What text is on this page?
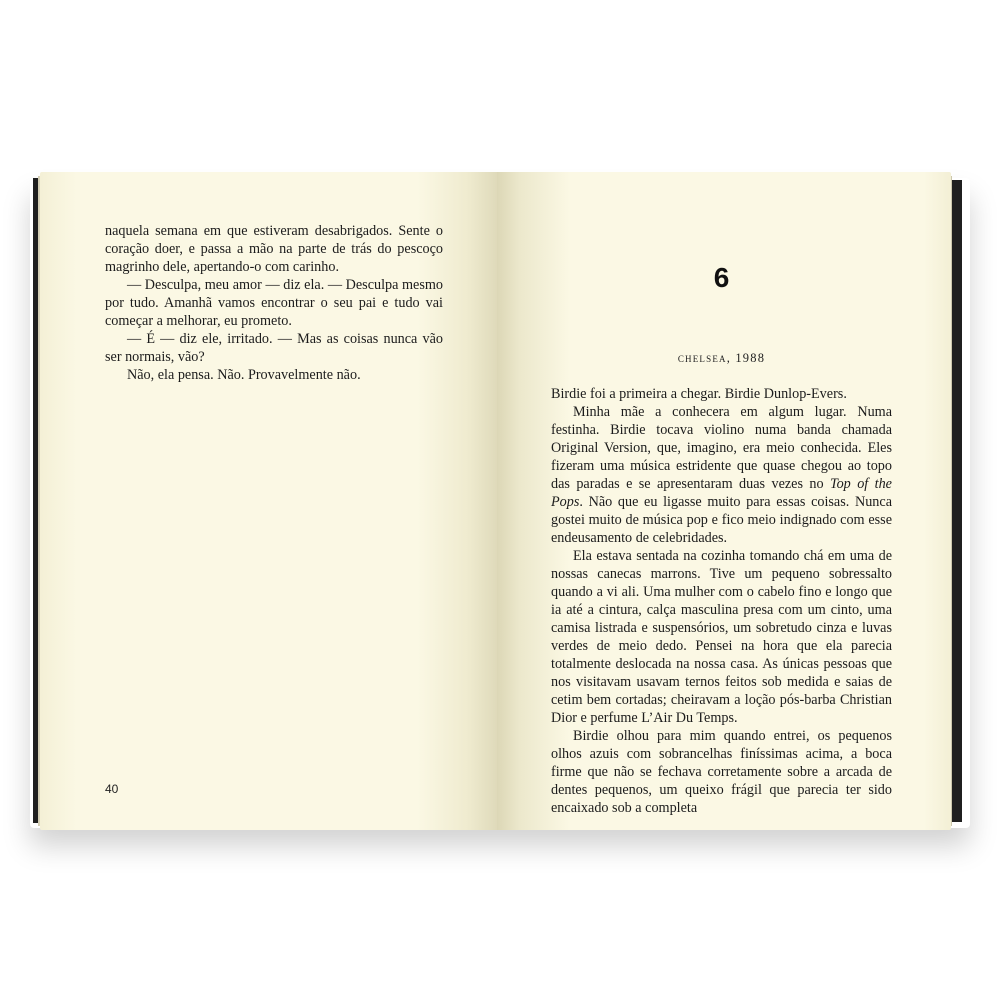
naquela semana em que estiveram desabrigados. Sente o coração doer, e passa a mão na parte de trás do pescoço magrinho dele, apertando-o com carinho.

— Desculpa, meu amor — diz ela. — Desculpa mesmo por tudo. Amanhã vamos encontrar o seu pai e tudo vai começar a melhorar, eu prometo.

— É — diz ele, irritado. — Mas as coisas nunca vão ser normais, vão?

Não, ela pensa. Não. Provavelmente não.

40
6
chelsea, 1988

Birdie foi a primeira a chegar. Birdie Dunlop-Evers.

Minha mãe a conhecera em algum lugar. Numa festinha. Birdie tocava violino numa banda chamada Original Version, que, imagino, era meio conhecida. Eles fizeram uma música estridente que quase chegou ao topo das paradas e se apresentaram duas vezes no Top of the Pops. Não que eu ligasse muito para essas coisas. Nunca gostei muito de música pop e fico meio indignado com esse endeusamento de celebridades.

Ela estava sentada na cozinha tomando chá em uma de nossas canecas marrons. Tive um pequeno sobressalto quando a vi ali. Uma mulher com o cabelo fino e longo que ia até a cintura, calça masculina presa com um cinto, uma camisa listrada e suspensórios, um sobretudo cinza e luvas verdes de meio dedo. Pensei na hora que ela parecia totalmente deslocada na nossa casa. As únicas pessoas que nos visitavam usavam ternos feitos sob medida e saias de cetim bem cortadas; cheiravam a loção pós-barba Christian Dior e perfume L’Air Du Temps.

Birdie olhou para mim quando entrei, os pequenos olhos azuis com sobrancelhas finíssimas acima, a boca firme que não se fechava corretamente sobre a arcada de dentes pequenos, um queixo frágil que parecia ter sido encaixado sob a completa
